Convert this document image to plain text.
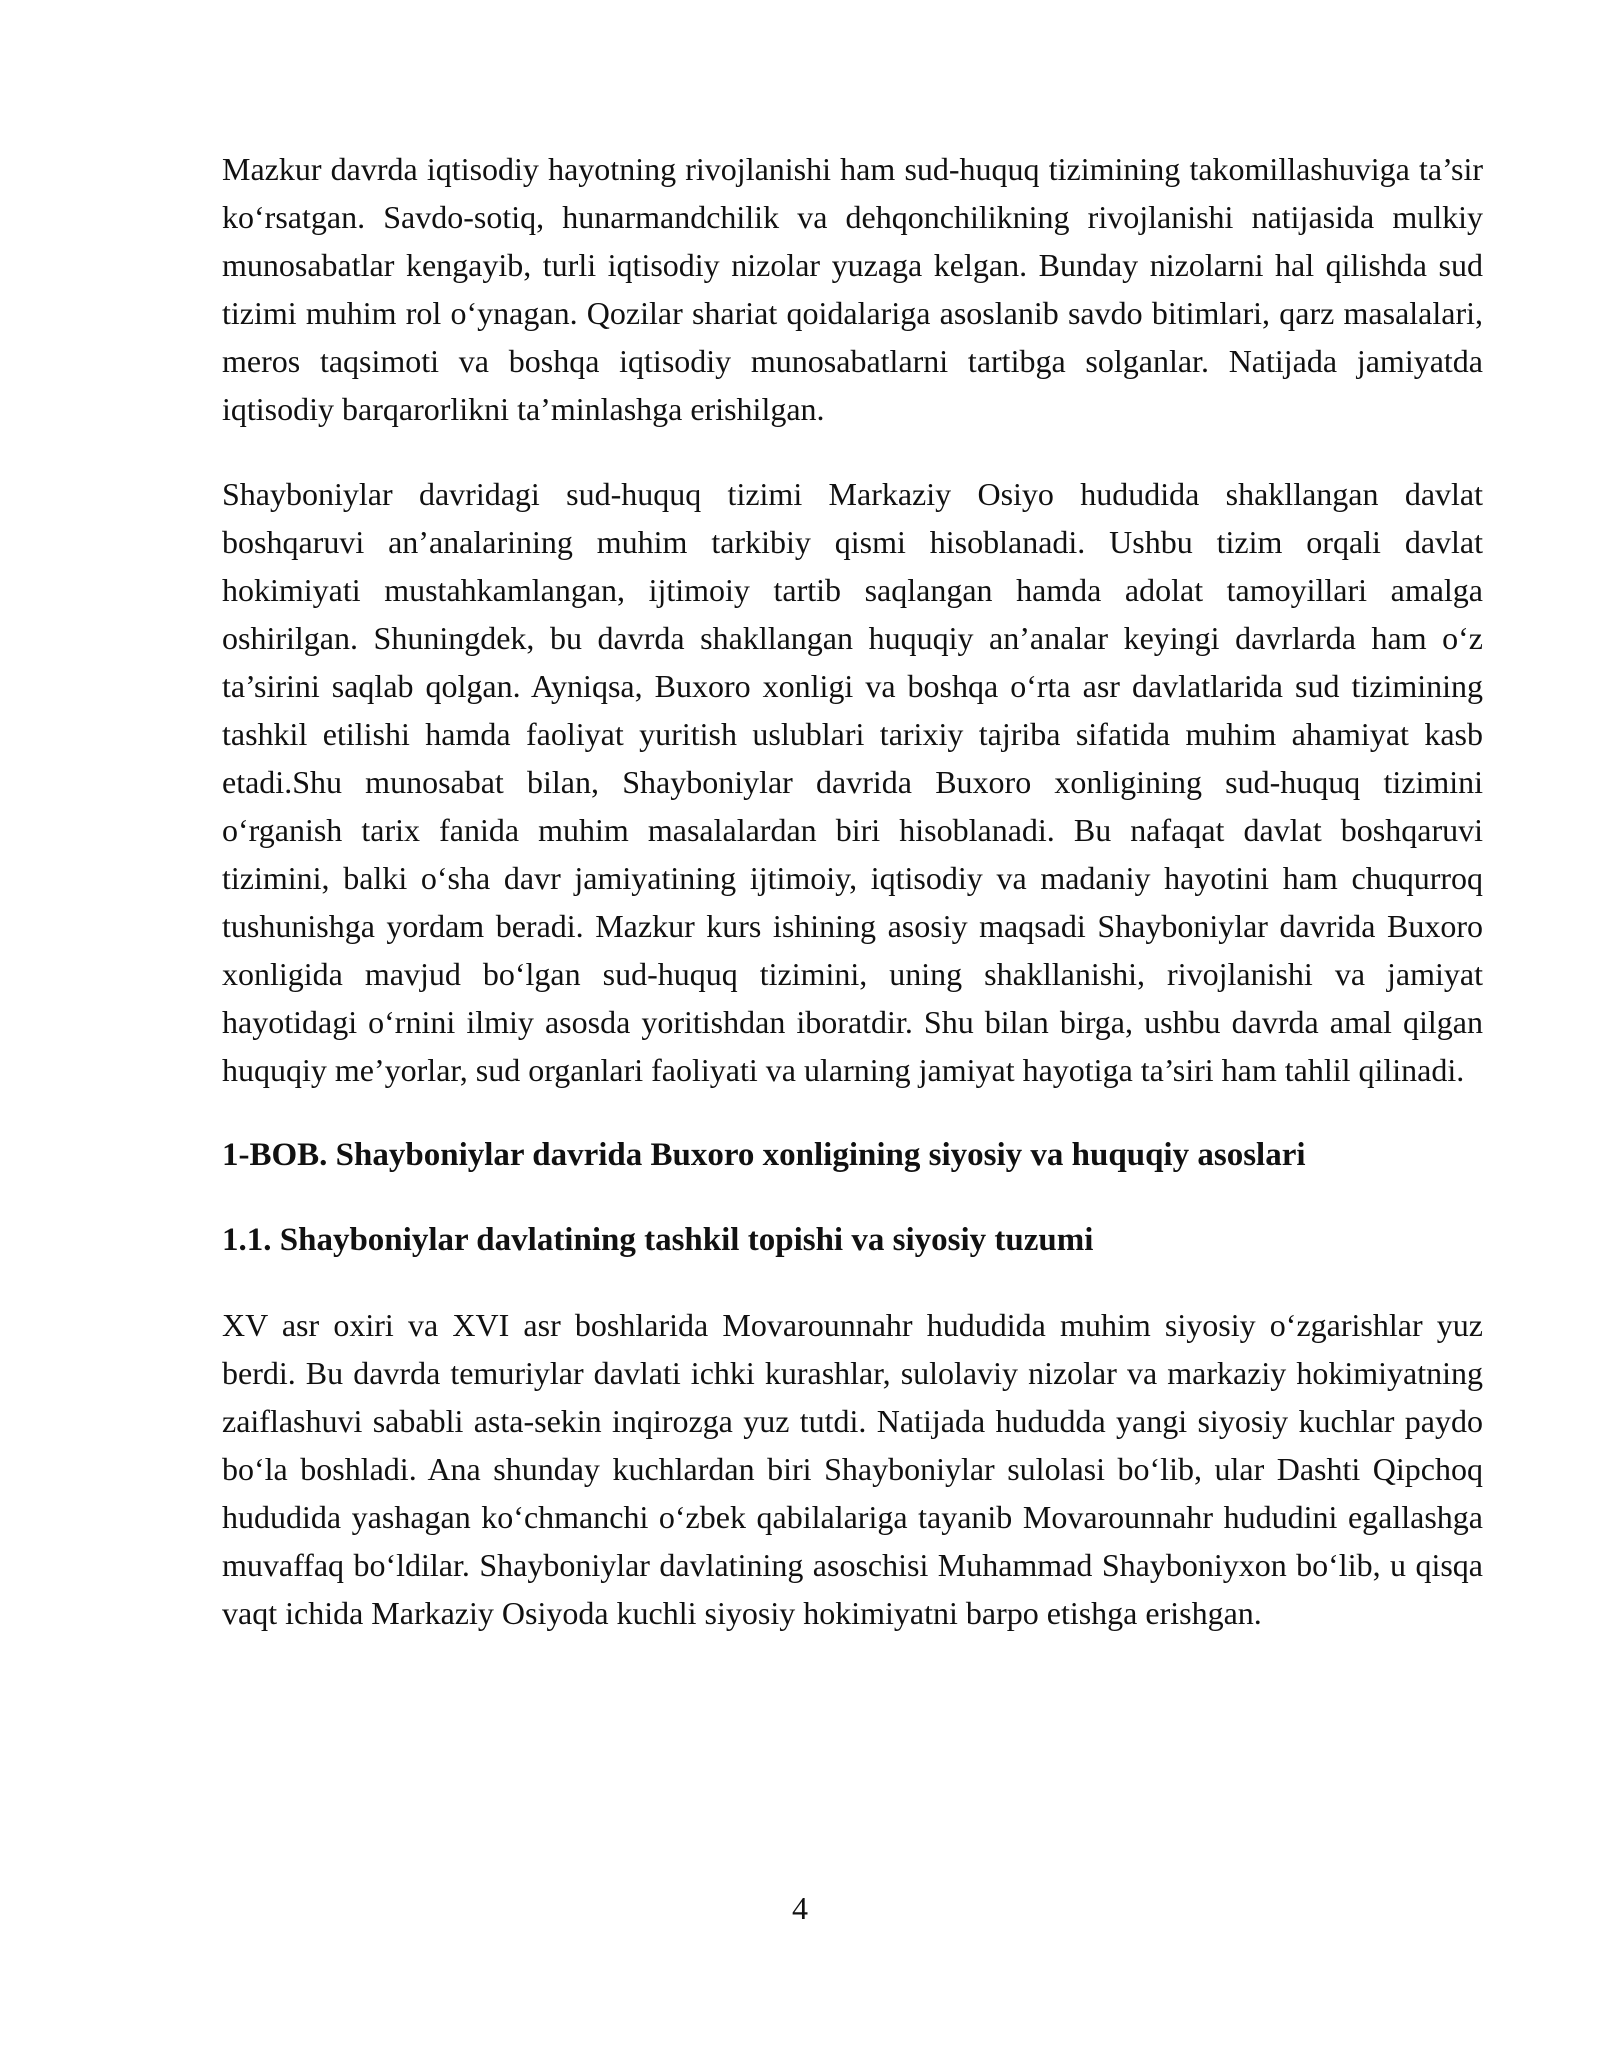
Mazkur davrda iqtisodiy hayotning rivojlanishi ham sud-huquq tizimining takomillashuviga ta’sir ko‘rsatgan. Savdo-sotiq, hunarmandchilik va dehqonchilikning rivojlanishi natijasida mulkiy munosabatlar kengayib, turli iqtisodiy nizolar yuzaga kelgan. Bunday nizolarni hal qilishda sud tizimi muhim rol o‘ynagan. Qozilar shariat qoidalariga asoslanib savdo bitimlari, qarz masalalari, meros taqsimoti va boshqa iqtisodiy munosabatlarni tartibga solganlar. Natijada jamiyatda iqtisodiy barqarorlikni ta’minlashga erishilgan.

Shayboniylar davridagi sud-huquq tizimi Markaziy Osiyo hududida shakllangan davlat boshqaruvi an’analarining muhim tarkibiy qismi hisoblanadi. Ushbu tizim orqali davlat hokimiyati mustahkamlangan, ijtimoiy tartib saqlangan hamda adolat tamoyillari amalga oshirilgan. Shuningdek, bu davrda shakllangan huquqiy an’analar keyingi davrlarda ham o‘z ta’sirini saqlab qolgan. Ayniqsa, Buxoro xonligi va boshqa o‘rta asr davlatlarida sud tizimining tashkil etilishi hamda faoliyat yuritish uslublari tarixiy tajriba sifatida muhim ahamiyat kasb etadi.Shu munosabat bilan, Shayboniylar davrida Buxoro xonligining sud-huquq tizimini o‘rganish tarix fanida muhim masalalardan biri hisoblanadi. Bu nafaqat davlat boshqaruvi tizimini, balki o‘sha davr jamiyatining ijtimoiy, iqtisodiy va madaniy hayotini ham chuqurroq tushunishga yordam beradi. Mazkur kurs ishining asosiy maqsadi Shayboniylar davrida Buxoro xonligida mavjud bo‘lgan sud-huquq tizimini, uning shakllanishi, rivojlanishi va jamiyat hayotidagi o‘rnini ilmiy asosda yoritishdan iboratdir. Shu bilan birga, ushbu davrda amal qilgan huquqiy me’yorlar, sud organlari faoliyati va ularning jamiyat hayotiga ta’siri ham tahlil qilinadi.

1-BOB. Shayboniylar davrida Buxoro xonligining siyosiy va huquqiy asoslari
1.1. Shayboniylar davlatining tashkil topishi va siyosiy tuzumi

XV asr oxiri va XVI asr boshlarida Movarounnahr hududida muhim siyosiy o‘zgarishlar yuz berdi. Bu davrda temuriylar davlati ichki kurashlar, sulolaviy nizolar va markaziy hokimiyatning zaiflashuvi sababli asta-sekin inqirozga yuz tutdi. Natijada hududda yangi siyosiy kuchlar paydo bo‘la boshladi. Ana shunday kuchlardan biri Shayboniylar sulolasi bo‘lib, ular Dashti Qipchoq hududida yashagan ko‘chmanchi o‘zbek qabilalariga tayanib Movarounnahr hududini egallashga muvaffaq bo‘ldilar. Shayboniylar davlatining asoschisi Muhammad Shayboniyxon bo‘lib, u qisqa vaqt ichida Markaziy Osiyoda kuchli siyosiy hokimiyatni barpo etishga erishgan.

4
